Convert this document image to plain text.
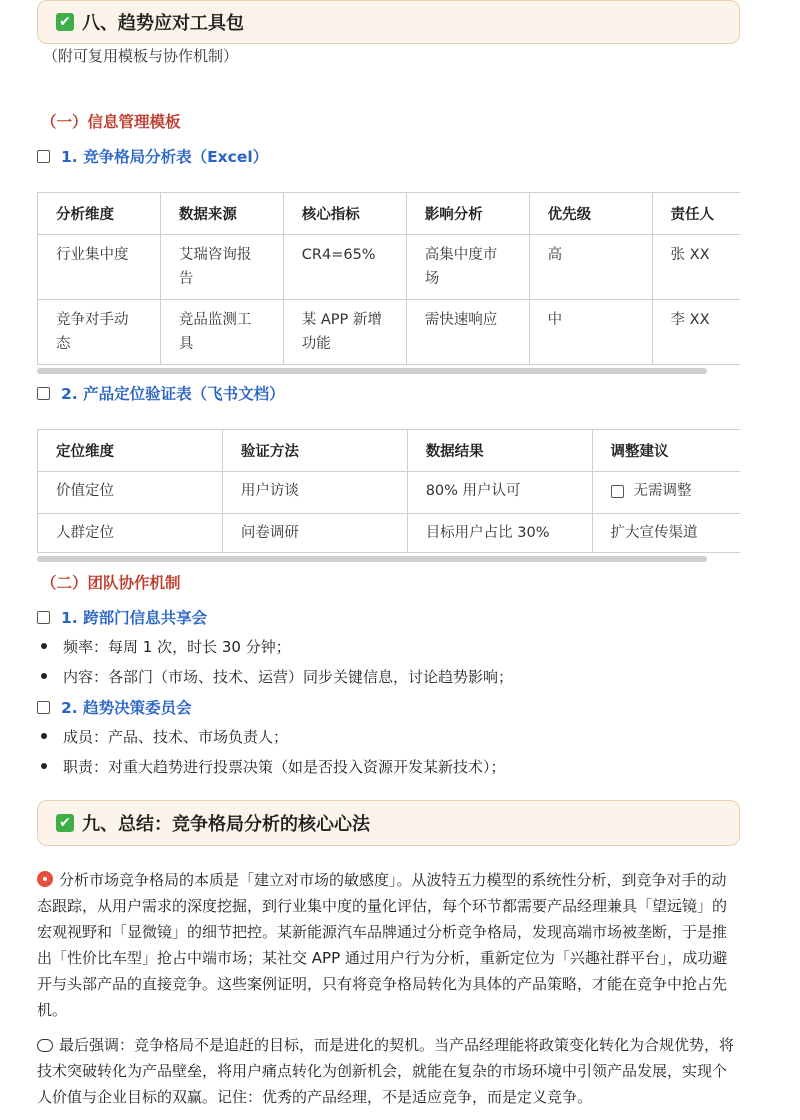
✔ 八、趋势应对工具包
（附可复用模板与协作机制）
（一）信息管理模板
1. 竞争格局分析表（Excel）
分析维度	数据来源	核心指标	影响分析	优先级	责任人
行业集中度	艾瑞咨询报告	CR4=65%	高集中度市场	高	张 XX
竞争对手动态	竞品监测工具	某 APP 新增功能	需快速响应	中	李 XX
2. 产品定位验证表（飞书文档）
定位维度	验证方法	数据结果	调整建议
价值定位	用户访谈	80% 用户认可	无需调整

人群定位	问卷调研	目标用户占比 30%	扩大宣传渠道
（二）团队协作机制
1. 跨部门信息共享会
频率：每周 1 次，时长 30 分钟；
内容：各部门（市场、技术、运营）同步关键信息，讨论趋势影响；
2. 趋势决策委员会
成员：产品、技术、市场负责人；
职责：对重大趋势进行投票决策（如是否投入资源开发某新技术）；
✔ 九、总结：竞争格局分析的核心心法

分析市场竞争格局的本质是「建立对市场的敏感度」。从波特五力模型的系统性分析，到竞争对手的动态跟踪，从用户需求的深度挖掘，到行业集中度的量化评估，每个环节都需要产品经理兼具「望远镜」的宏观视野和「显微镜」的细节把控。某新能源汽车品牌通过分析竞争格局，发现高端市场被垄断，于是推出「性价比车型」抢占中端市场；某社交 APP 通过用户行为分析，重新定位为「兴趣社群平台」，成功避开与头部产品的直接竞争。这些案例证明，只有将竞争格局转化为具体的产品策略，才能在竞争中抢占先机。

最后强调：竞争格局不是追赶的目标，而是进化的契机。当产品经理能将政策变化转化为合规优势，将技术突破转化为产品壁垒，将用户痛点转化为创新机会，就能在复杂的市场环境中引领产品发展，实现个人价值与企业目标的双赢。记住：优秀的产品经理，不是适应竞争，而是定义竞争。
